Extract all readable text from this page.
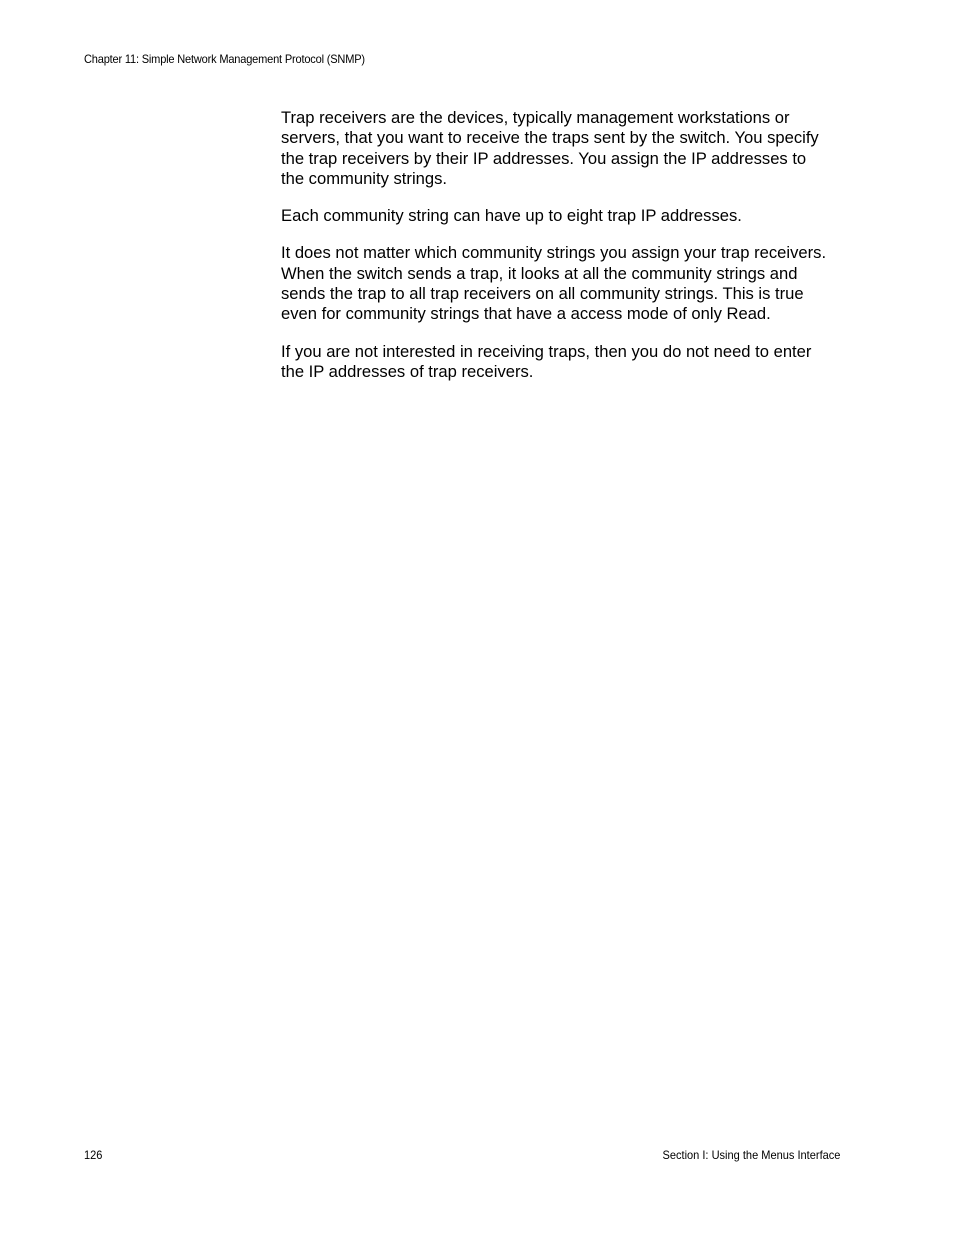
Chapter 11: Simple Network Management Protocol (SNMP)

Trap receivers are the devices, typically management workstations or
servers, that you want to receive the traps sent by the switch. You specify
the trap receivers by their IP addresses. You assign the IP addresses to
the community strings.

Each community string can have up to eight trap IP addresses.

It does not matter which community strings you assign your trap receivers.
When the switch sends a trap, it looks at all the community strings and
sends the trap to all trap receivers on all community strings. This is true
even for community strings that have a access mode of only Read.

If you are not interested in receiving traps, then you do not need to enter
the IP addresses of trap receivers.

126	Section I: Using the Menus Interface
